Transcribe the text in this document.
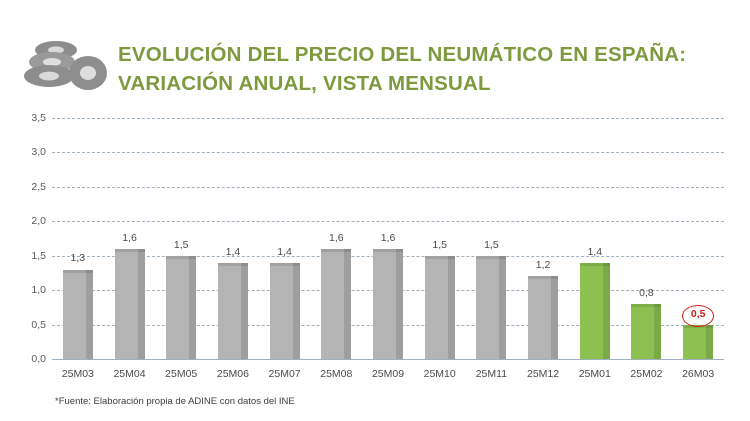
EVOLUCIÓN DEL PRECIO DEL NEUMÁTICO EN ESPAÑA:
VARIACIÓN ANUAL, VISTA MENSUAL
0,0
0,5
1,0
1,5
2,0
2,5
3,0
3,5
1,3
1,6
1,5
1,4	1,4
1,6	1,6
1,5	1,5
1,2
1,4
0,8
0,5
25M03	25M04	25M05	25M06	25M07	25M08	25M09	25M10	25M11	25M12	25M01	25M02	26M03
*Fuente: Elaboración propia de ADINE con datos del INE
